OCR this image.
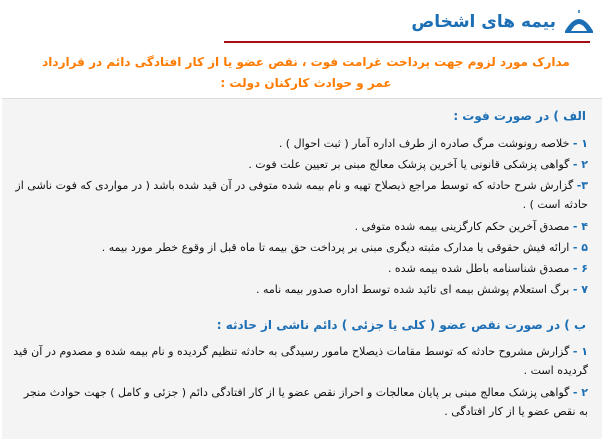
بیمه های اشخاص
مدارک مورد لزوم جهت پرداخت غرامت فوت ، نقص عضو یا از کار افتادگی دائم در قرارداد
عمر و حوادث کارکنان دولت :
الف ) در صورت فوت :
۱ - خلاصه رونوشت مرگ صادره از طرف اداره آمار ( ثبت احوال ) .
۲ - گواهی پزشکی قانونی یا آخرین پزشک معالج مبنی بر تعیین علت فوت .
۳- گزارش شرح حادثه که توسط مراجع ذیصلاح تهیه و نام بیمه شده متوفی در آن قید شده باشد ( در مواردی که فوت ناشی از حادثه است ) .
۴ - مصدق آخرین حکم کارگزینی بیمه شده متوفی .
۵ - ارائه فیش حقوقی یا مدارک مثبته دیگری مبنی بر پرداخت حق بیمه تا ماه قبل از وقوع خطر مورد بیمه .
۶ - مصدق شناسنامه باطل شده بیمه شده .
۷ - برگ استعلام پوشش بیمه ای تائید شده توسط اداره صدور بیمه نامه .
ب ) در صورت نقص عضو ( کلی یا جزئی ) دائم ناشی از حادثه :
۱ - گزارش مشروح حادثه که توسط مقامات ذیصلاح مامور رسیدگی به حادثه تنظیم گردیده و نام بیمه شده و مصدوم در آن قید گردیده است .
۲ - گواهی پزشک معالج مبنی بر پایان معالجات و احراز نقص عضو یا از کار افتادگی دائم ( جزئی و کامل ) جهت حوادث منجر به نقص عضو یا از کار افتادگی .
